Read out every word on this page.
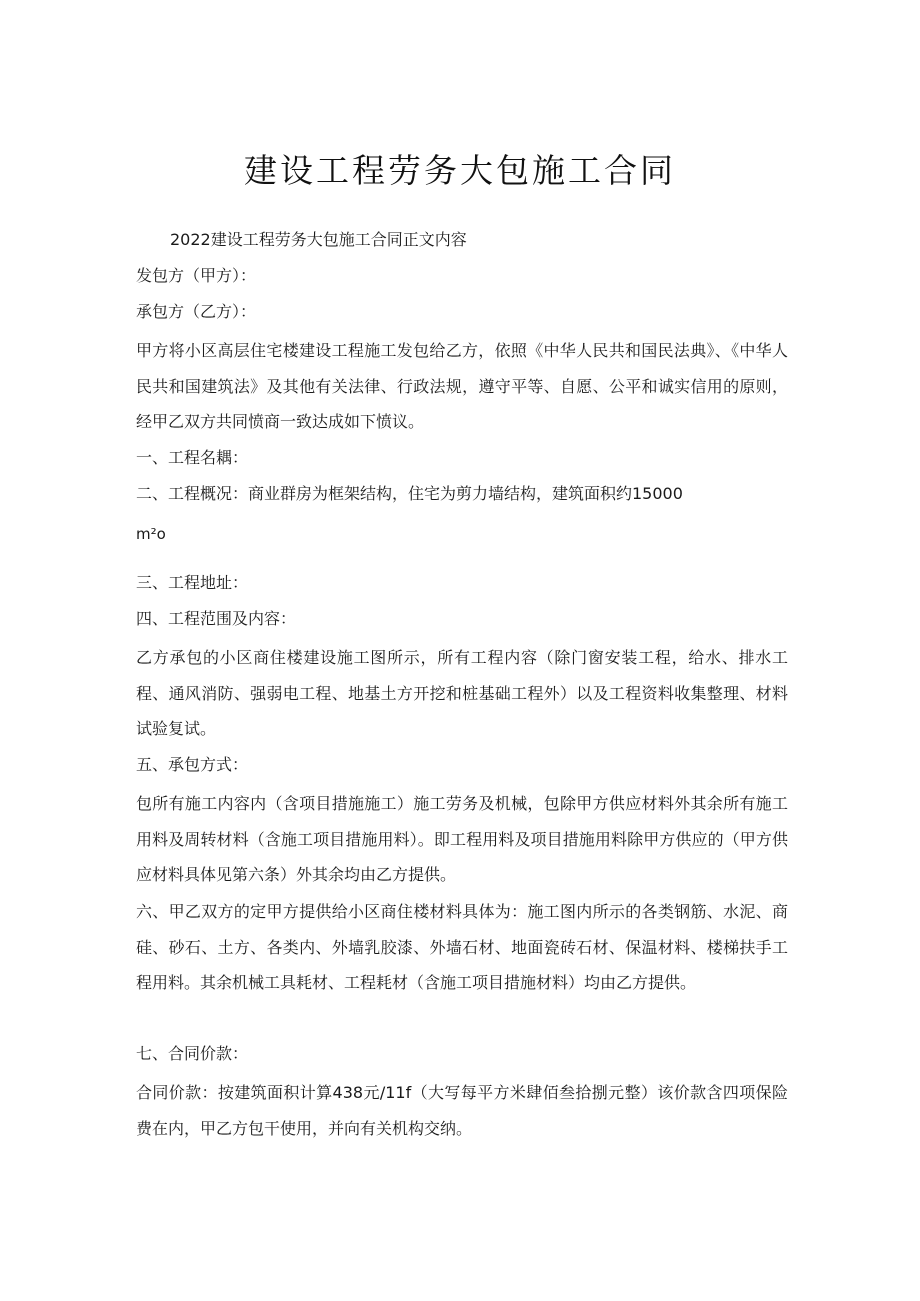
建设工程劳务大包施工合同
2022建设工程劳务大包施工合同正文内容
发包方（甲方）：
承包方（乙方）：
甲方将小区高层住宅楼建设工程施工发包给乙方，依照《中华人民共和国民法典》、《中华人民共和国建筑法》及其他有关法律、行政法规，遵守平等、自愿、公平和诚实信用的原则，经甲乙双方共同愤商一致达成如下愤议。
一、工程名耦：
二、工程概况：商业群房为框架结构，住宅为剪力墙结构，建筑面积约15000
m²o
三、工程地址：
四、工程范围及内容：
乙方承包的小区商住楼建设施工图所示，所有工程内容（除门窗安装工程，给水、排水工程、通风消防、强弱电工程、地基土方开挖和桩基础工程外）以及工程资料收集整理、材料试验复试。
五、承包方式：
包所有施工内容内（含项目措施施工）施工劳务及机械，包除甲方供应材料外其余所有施工用料及周转材料（含施工项目措施用料）。即工程用料及项目措施用料除甲方供应的（甲方供应材料具体见第六条）外其余均由乙方提供。
六、甲乙双方的定甲方提供给小区商住楼材料具体为：施工图内所示的各类钢筋、水泥、商硅、砂石、土方、各类内、外墙乳胶漆、外墙石材、地面瓷砖石材、保温材料、楼梯扶手工程用料。其余机械工具耗材、工程耗材（含施工项目措施材料）均由乙方提供。
七、合同价款：
合同价款：按建筑面积计算438元/11f（大写每平方米肆佰叁拾捌元整）该价款含四项保险费在内，甲乙方包干使用，并向有关机构交纳。
